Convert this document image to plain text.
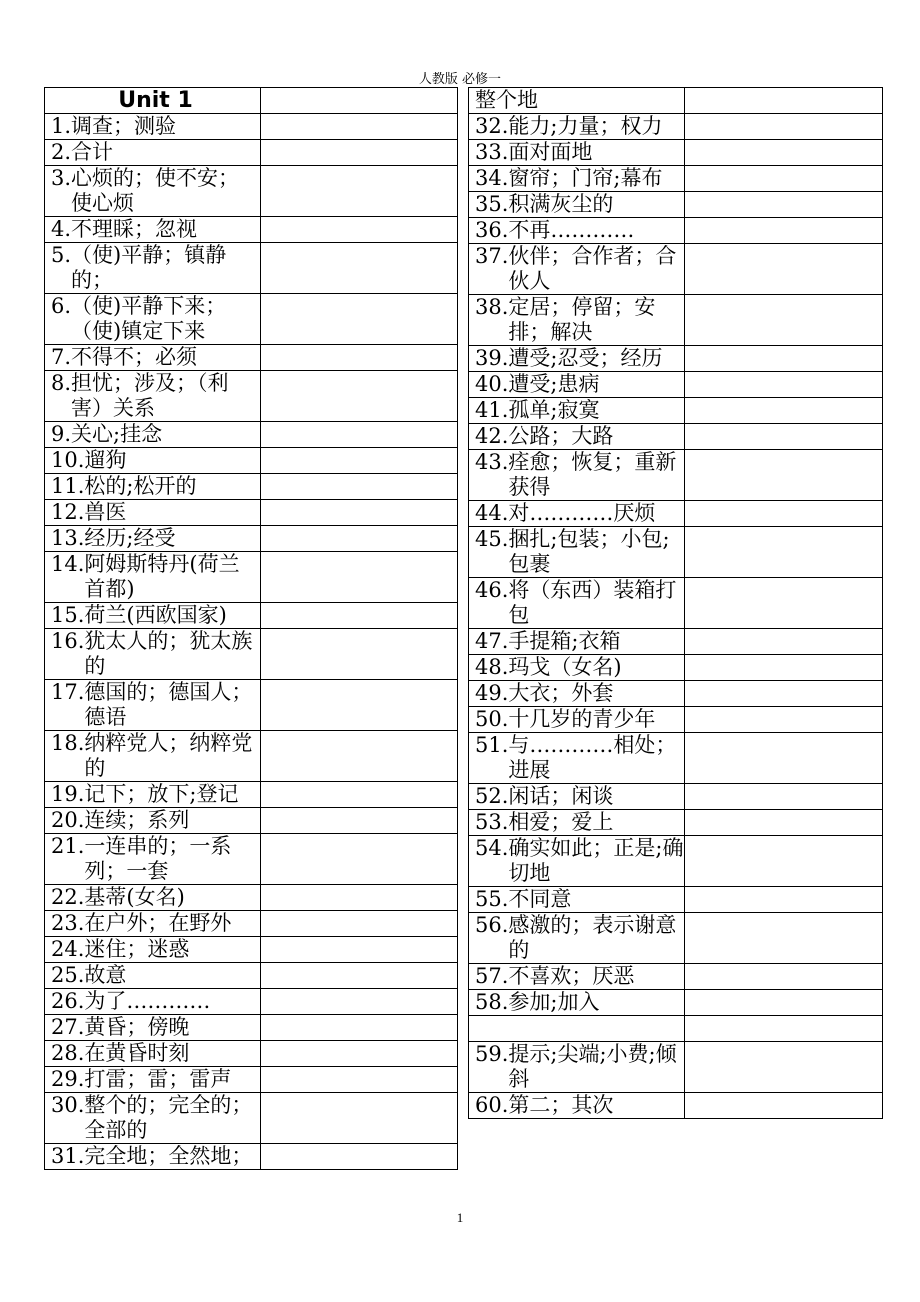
人教版 必修一
Unit 1	

1. 调查；测验	

2. 合计	

3. 心烦的；使不安；使心烦	

4. 不理睬；忽视	

5. （使)平静；镇静的；	

6. （使)平静下来；（使)镇定下来	

7. 不得不；必须	

8. 担忧；涉及；（利害）关系	

9. 关心;挂念	

10. 遛狗	

11. 松的;松开的	

12. 兽医	

13. 经历;经受	

14. 阿姆斯特丹(荷兰首都)	

15. 荷兰(西欧国家)	

16. 犹太人的；犹太族的	

17. 德国的；德国人；德语	

18. 纳粹党人；纳粹党的	

19. 记下；放下;登记	

20. 连续；系列	

21. 一连串的；一系列；一套	

22. 基蒂(女名)	

23. 在户外；在野外	

24. 迷住；迷惑	

25. 故意	

26. 为了…………	

27. 黄昏；傍晚	

28. 在黄昏时刻	

29. 打雷；雷；雷声	

30. 整个的；完全的；全部的	

31. 完全地；全然地；	

整个地	

32. 能力;力量；权力	

33. 面对面地	

34. 窗帘；门帘;幕布	

35. 积满灰尘的	

36. 不再…………	

37. 伙伴；合作者；合伙人	

38. 定居；停留；安排；解决	

39. 遭受;忍受；经历	

40. 遭受;患病	

41. 孤单;寂寞	

42. 公路；大路	

43. 痊愈；恢复；重新获得	

44. 对…………厌烦	

45. 捆扎;包装；小包;包裹	

46. 将（东西）装箱打包	

47. 手提箱;衣箱	

48. 玛戈（女名)	

49. 大衣；外套	

50. 十几岁的青少年	

51. 与…………相处；进展	

52. 闲话；闲谈	

53. 相爱；爱上	

54. 确实如此；正是;确切地	

55. 不同意	

56. 感激的；表示谢意的	

57. 不喜欢；厌恶	

58. 参加;加入	

59. 提示;尖端;小费;倾斜	

60. 第二；其次	

1
